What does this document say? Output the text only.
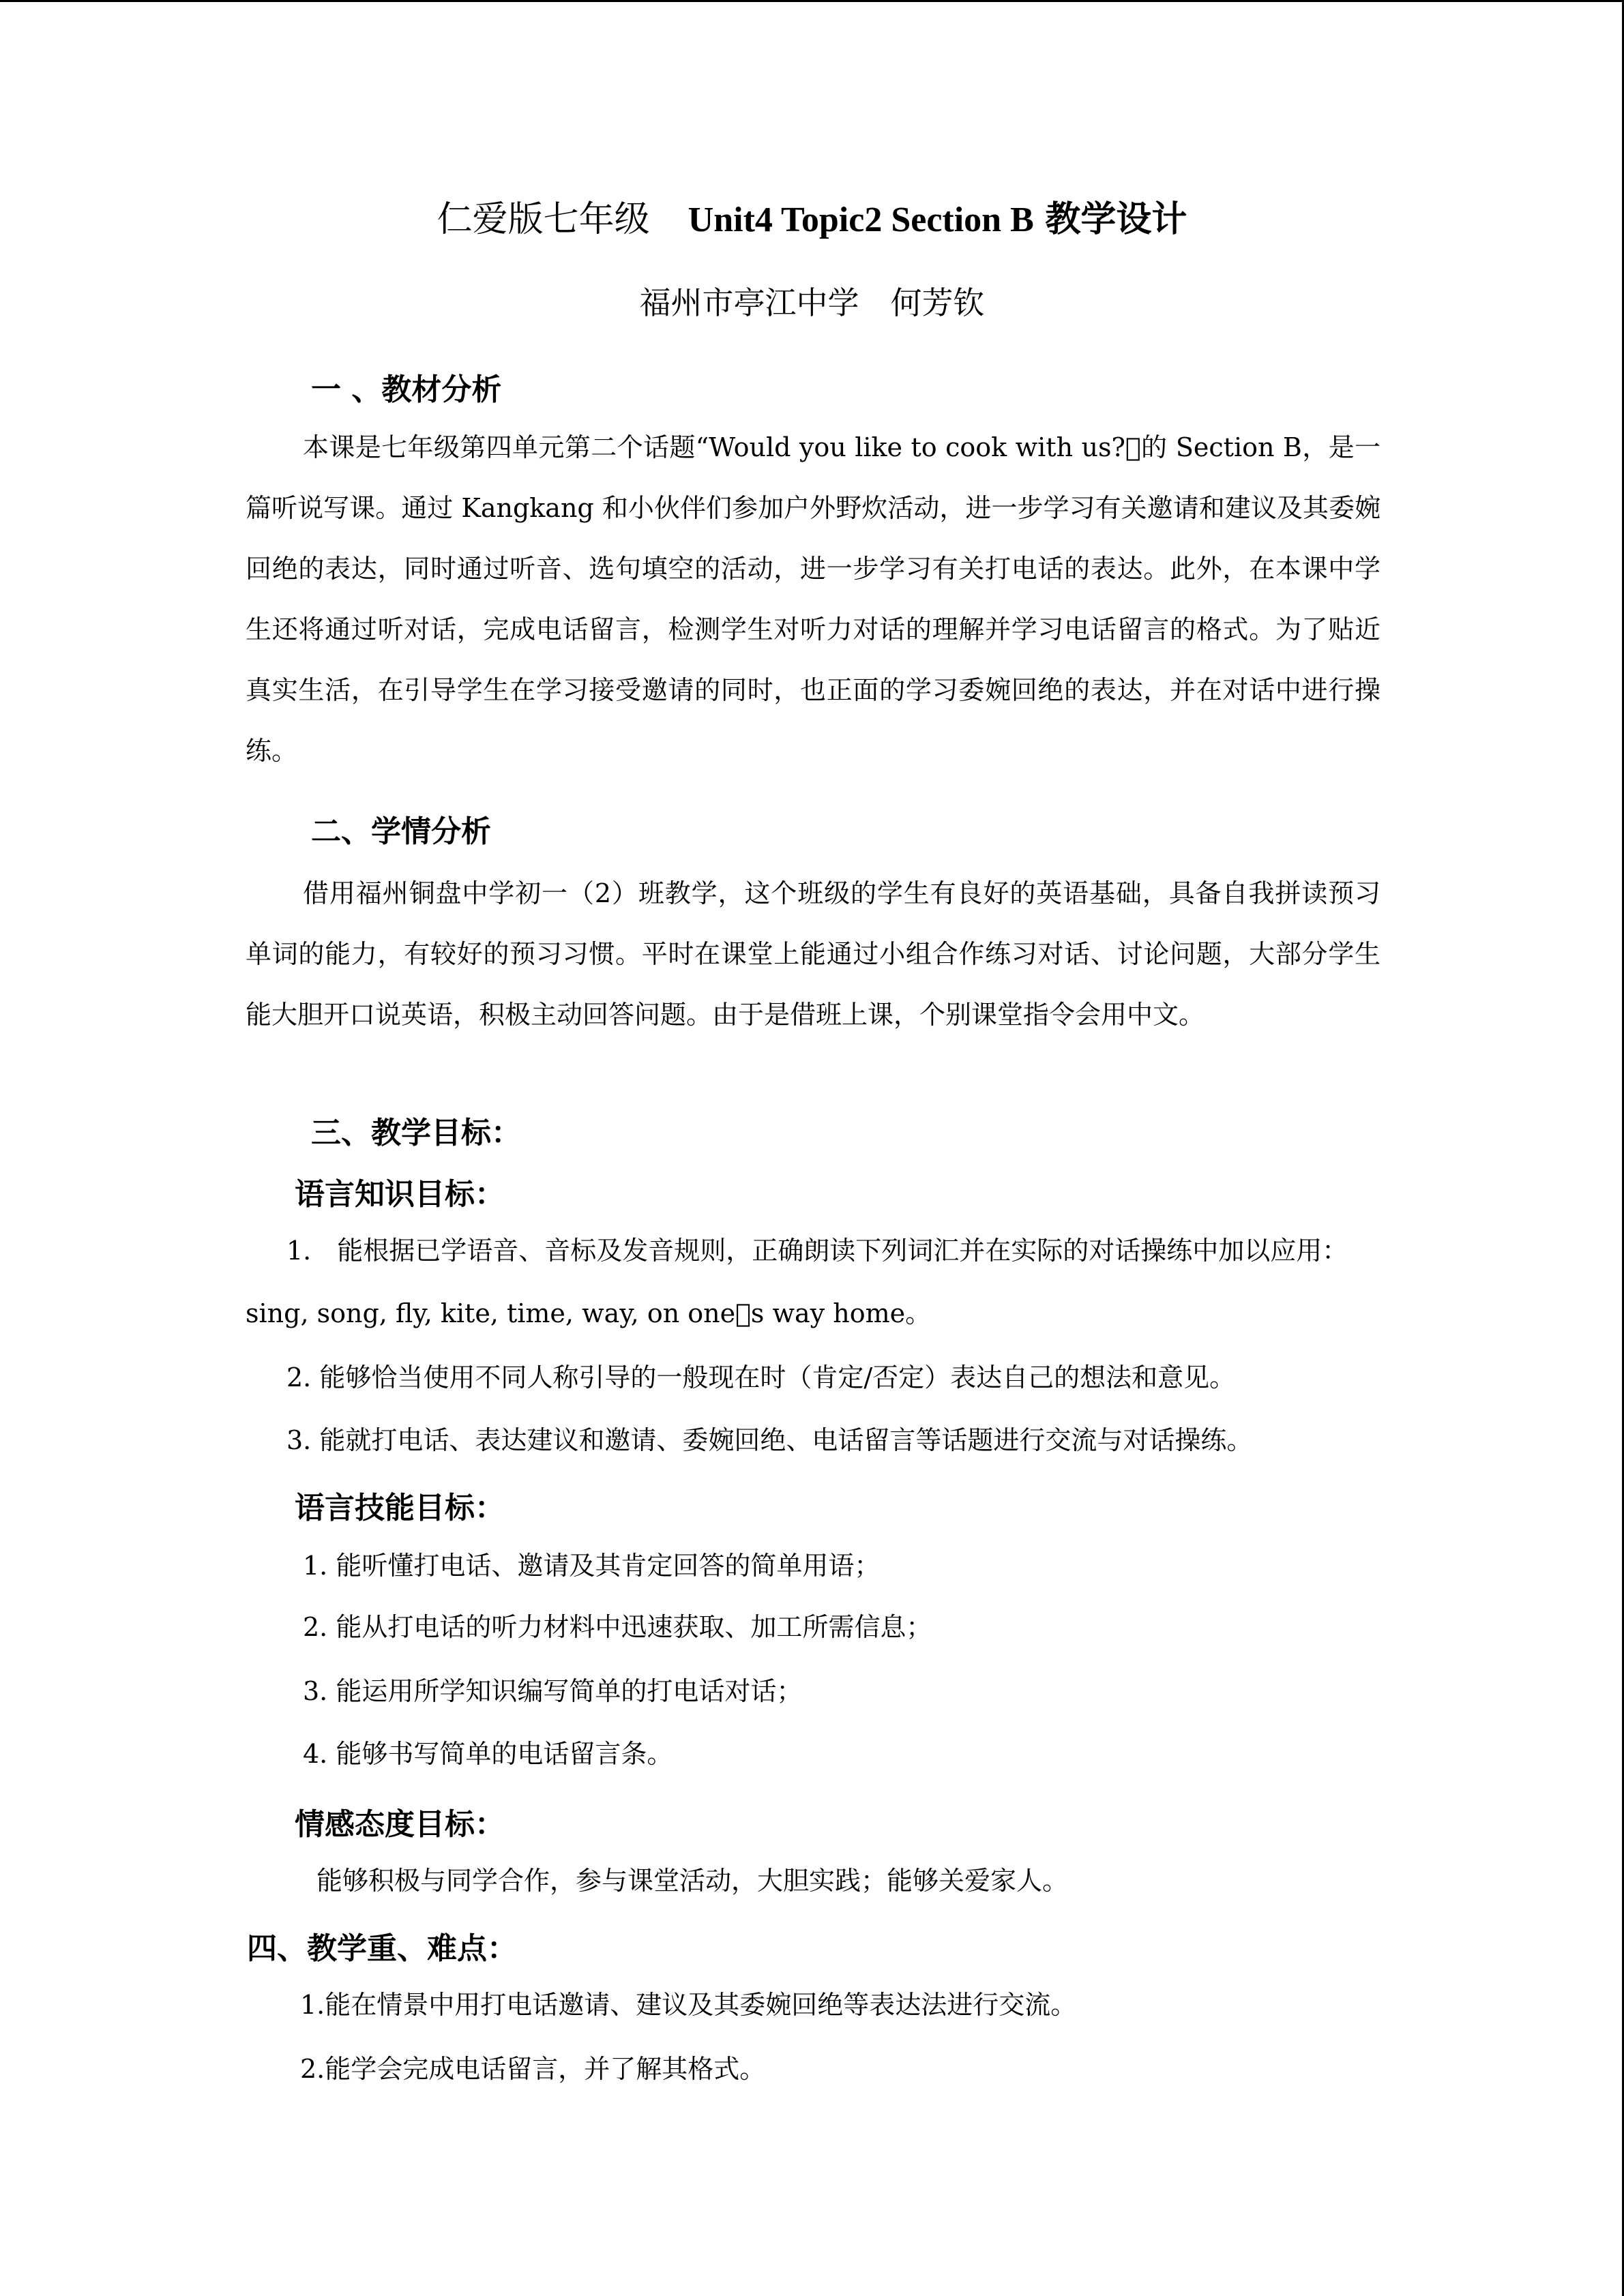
仁爱版七年级 Unit4 Topic2 Section B 教学设计
福州市亭江中学　何芳钦
一 、教材分析
本课是七年级第四单元第二个话题“Would you like to cook with us?􏰀的 Section B，是一篇听说写课。通过 Kangkang 和小伙伴们参加户外野炊活动，进一步学习有关邀请和建议及其委婉回绝的表达，同时通过听音、选句填空的活动，进一步学习有关打电话的表达。此外，在本课中学生还将通过听对话，完成电话留言，检测学生对听力对话的理解并学习电话留言的格式。为了贴近真实生活，在引导学生在学习接受邀请的同时，也正面的学习委婉回绝的表达，并在对话中进行操练。
二、学情分析
借用福州铜盘中学初一（2）班教学，这个班级的学生有良好的英语基础，具备自我拼读预习单词的能力，有较好的预习习惯。平时在课堂上能通过小组合作练习对话、讨论问题，大部分学生能大胆开口说英语，积极主动回答问题。由于是借班上课，个别课堂指令会用中文。
三、教学目标：
语言知识目标：
1.　能根据已学语音、音标及发音规则，正确朗读下列词汇并在实际的对话操练中加以应用：sing, song, fly, kite, time, way, on one􏰀s way home。
2. 能够恰当使用不同人称引导的一般现在时（肯定/否定）表达自己的想法和意见。
3. 能就打电话、表达建议和邀请、委婉回绝、电话留言等话题进行交流与对话操练。
语言技能目标：
1. 能听懂打电话、邀请及其肯定回答的简单用语；
2. 能从打电话的听力材料中迅速获取、加工所需信息；
3. 能运用所学知识编写简单的打电话对话；
4. 能够书写简单的电话留言条。
情感态度目标：
能够积极与同学合作，参与课堂活动，大胆实践；能够关爱家人。
四、教学重、难点：
1.能在情景中用打电话邀请、建议及其委婉回绝等表达法进行交流。
2.能学会完成电话留言，并了解其格式。
